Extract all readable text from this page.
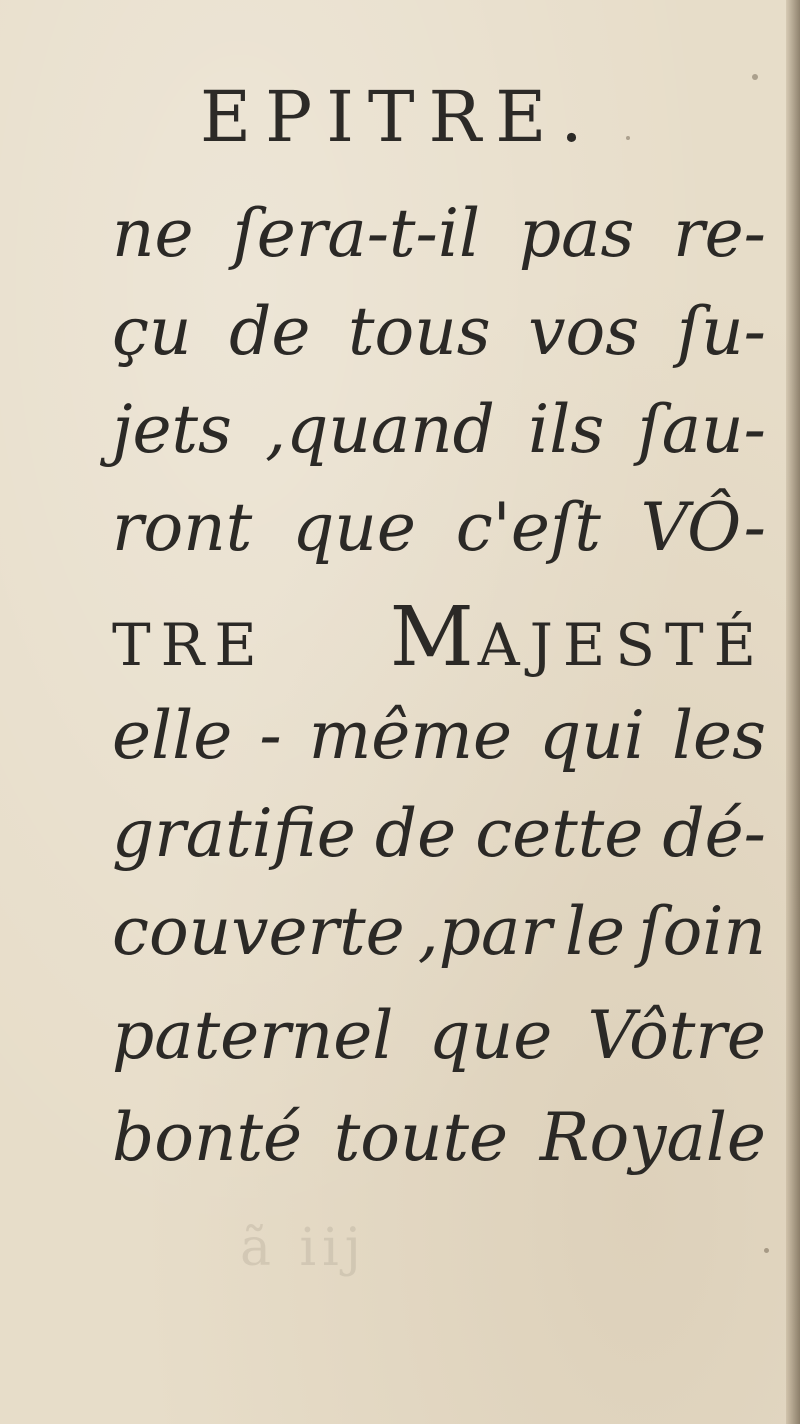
EPITRE.
ne ſera-t-il pas re-
çu de tous vos ſu-
jets ,quand ils ſau-
ront que c'eſt VÔ-
TRE MAJESTÉ
elle - même qui les
gratifie de cette dé-
couverte ,par le ſoin
paternel que Vôtre
bonté toute Royale
ã iij
